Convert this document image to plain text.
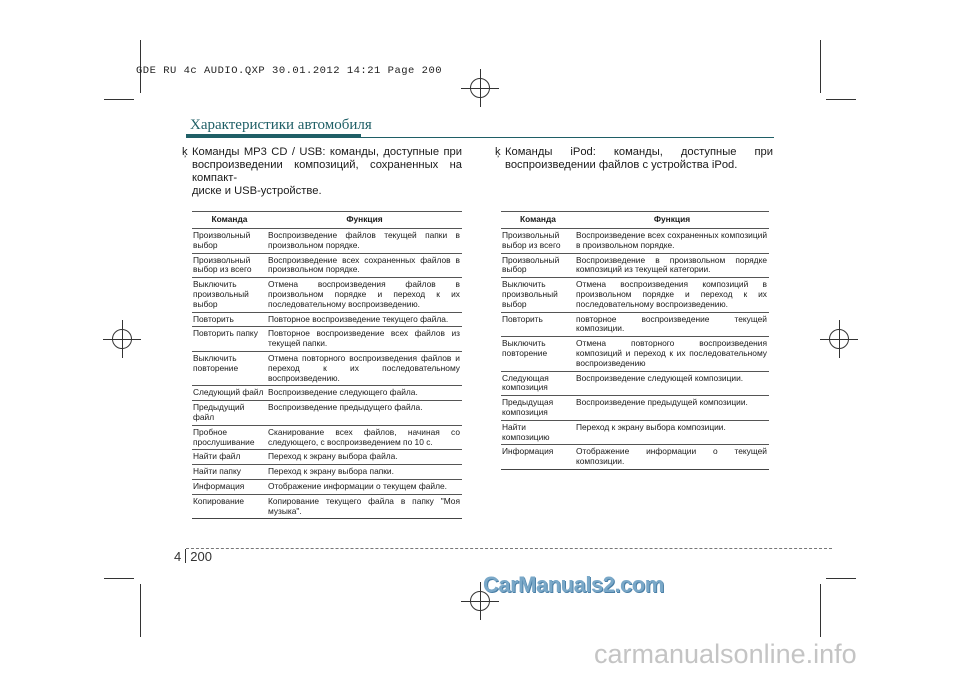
GDE RU 4c AUDIO.QXP 30.01.2012 14:21 Page 200
Характеристики автомобиля
ķ Команды MP3 CD / USB: команды, доступные при
воспроизведении композиций, сохраненных на компакт-
диске и USB-устройстве.
Команда	Функция
Произвольный выбор	Воспроизведение файлов текущей папки в произвольном порядке.
Произвольный выбор из всего	Воспроизведение всех сохраненных файлов в произвольном порядке.
Выключить произвольный выбор	Отмена воспроизведения файлов в произвольном порядке и переход к их последовательному воспроизведению.
Повторить	Повторное воспроизведение текущего файла.
Повторить папку	Повторное воспроизведение всех файлов из текущей папки.
Выключить повторение	Отмена повторного воспроизведения файлов и переход к их последовательному воспроизведению.
Следующий файл	Воспроизведение следующего файла.
Предыдущий файл	Воспроизведение предыдущего файла.
Пробное прослушивание	Сканирование всех файлов, начиная со следующего, с воспроизведением по 10 с.
Найти файл	Переход к экрану выбора файла.
Найти папку	Переход к экрану выбора папки.
Информация	Отображение информации о текущем файле.
Копирование	Копирование текущего файла в папку "Моя музыка".
ķ Команды iPod: команды, доступные при
воспроизведении файлов с устройства iPod.
Команда	Функция
Произвольный выбор из всего	Воспроизведение всех сохраненных композиций в произвольном порядке.
Произвольный выбор	Воспроизведение в произвольном порядке композиций из текущей категории.
Выключить произвольный выбор	Отмена воспроизведения композиций в произвольном порядке и переход к их последовательному воспроизведению.
Повторить	повторное воспроизведение текущей композиции.
Выключить повторение	Отмена повторного воспроизведения композиций и переход к их последовательному воспроизведению
Следующая композиция	Воспроизведение следующей композиции.
Предыдущая композиция	Воспроизведение предыдущей композиции.
Найти композицию	Переход к экрану выбора композиции.
Информация	Отображение информации о текущей композиции.
4 200
CarManuals2.com
carmanualsonline.info
